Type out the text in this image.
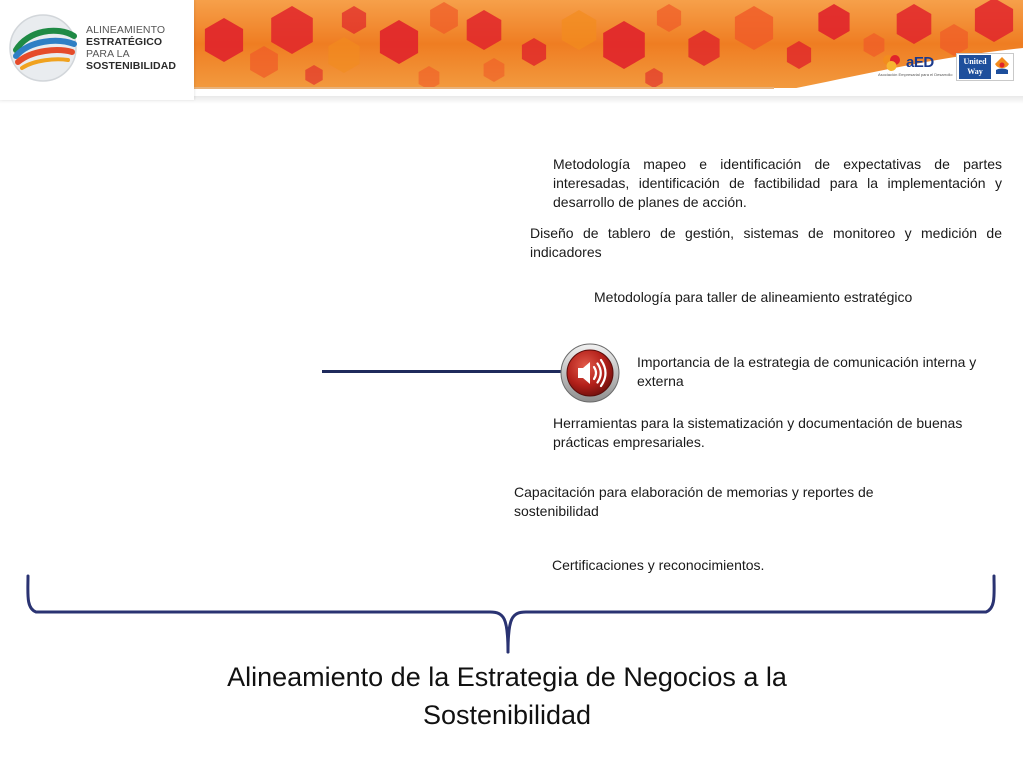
ALINEAMIENTO
ESTRATÉGICO
PARA LA
SOSTENIBILIDAD	aED
Asociación Empresarial para el Desarrollo
United
Way

Metodología mapeo e identificación de expectativas de partes interesadas, identificación de factibilidad para la implementación y desarrollo de planes de acción.

Diseño de tablero de gestión, sistemas de monitoreo y medición de indicadores

Metodología para taller de alineamiento estratégico

Importancia de la estrategia de comunicación interna y externa

Herramientas para la sistematización y documentación de buenas prácticas empresariales.

Capacitación para elaboración de memorias y reportes de sostenibilidad

Certificaciones y reconocimientos.

Alineamiento de la Estrategia de Negocios a la Sostenibilidad
